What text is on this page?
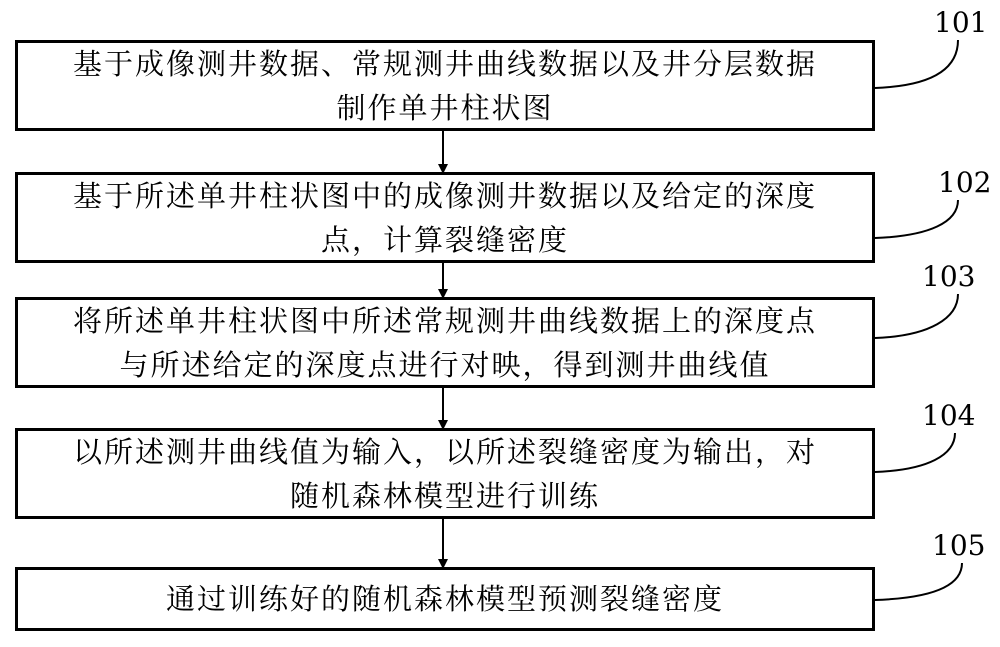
基于成像测井数据、常规测井曲线数据以及井分层数据
制作单井柱状图
101
基于所述单井柱状图中的成像测井数据以及给定的深度
点，计算裂缝密度
102
将所述单井柱状图中所述常规测井曲线数据上的深度点
与所述给定的深度点进行对映，得到测井曲线值
103
以所述测井曲线值为输入，以所述裂缝密度为输出，对
随机森林模型进行训练
104
通过训练好的随机森林模型预测裂缝密度
105
